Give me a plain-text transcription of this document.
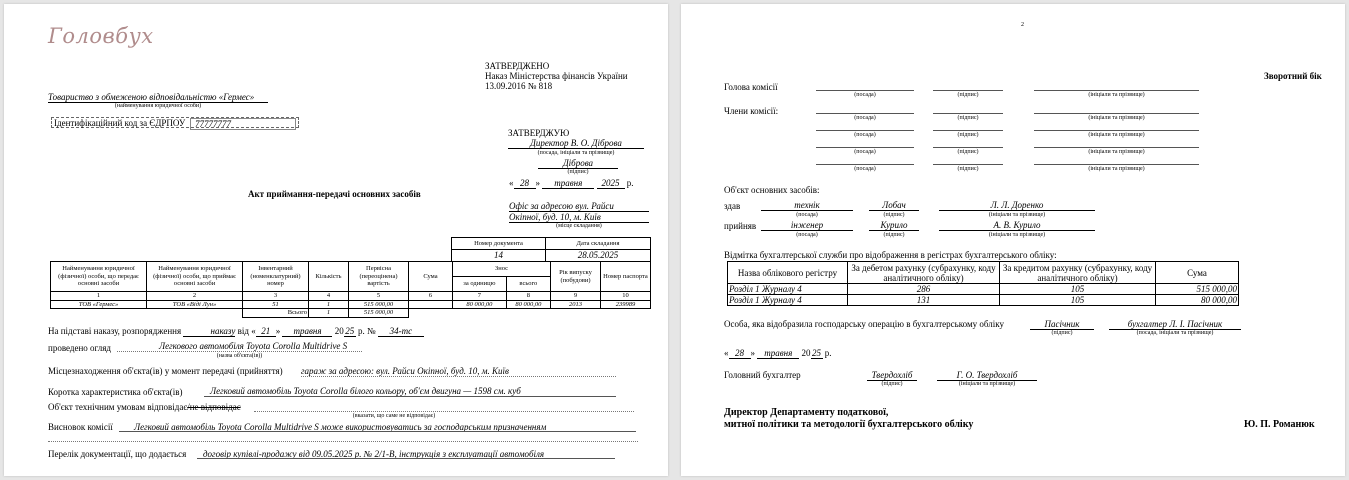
Головбух
ЗАТВЕРДЖЕНО
Наказ Міністерства фінансів України
13.09.2016 № 818
Товариство з обмеженою відповідальністю «Гермес»
(найменування юридичної особи)
Ідентифікаційний код за ЄДРПОУ	77777777
ЗАТВЕРДЖУЮ
Директор В. О. Діброва
(посада, ініціали та прізвище)
Діброва
(підпис)
« 28 » травня 2025 р.
Акт приймання-передачі основних засобів
Офіс за адресою вул. Райси
Окіпної, буд. 10, м. Київ
(місце складання)
Номер документа	Дата складання
14	28.05.2025
Найменування юридичної (фізичної) особи, що передає основні засоби	Найменування юридичної (фізичної) особи, що приймає основні засоби	Інвентарний (номенклатурний) номер	Кількість	Первісна (переоцінена) вартість	Сума	Знос		Рік випуску (побудови)	Номер паспорта
						за одиницю	всього		
1	2	3	4	5	6	7	8	9	10
ТОВ «Гермес»	ТОВ «Віді Лун»	51	1	515 000,00		80 000,00	80 000,00	2013	239989
		Всього	1	515 000,00					
На підставі наказу, розпорядження	наказу від « 21 » травня 20 25 р. № 34-тс
проведено огляд	Легкового автомобіля Toyota Corolla Multidrive S
(назва об'єкта(ів))
Місцезнаходження об'єкта(ів) у момент передачі (прийняття) гараж за адресою: вул. Райси Окіпної, буд. 10, м. Київ
Коротка характеристика об'єкта(ів)	Легковий автомобіль Toyota Corolla білого кольору, об'єм двигуна — 1598 см. куб
Об'єкт технічним умовам відповідає/не відповідає
(вказати, що саме не відповідає)
Висновок комісії Легковий автомобіль Toyota Corolla Multidrive S може використовуватись за господарським призначенням
Перелік документації, що додається договір купівлі-продажу від 09.05.2025 р. № 2/1-В, інструкція з експлуатації автомобіля
2
Зворотний бік
Голова комісії
Члени комісії:
(посада)	(підпис)	(ініціали та прізвище)
(посада)	(підпис)	(ініціали та прізвище)
(посада)	(підпис)	(ініціали та прізвище)
(посада)	(підпис)	(ініціали та прізвище)
(посада)	(підпис)	(ініціали та прізвище)
Об'єкт основних засобів:
здав	технік	Лобач	Л. Л. Доренко
(посада)	(підпис)	(ініціали та прізвище)
прийняв	інженер	Курило	А. В. Курило
(посада)	(підпис)	(ініціали та прізвище)
Відмітка бухгалтерської служби про відображення в регістрах бухгалтерського обліку:
Назва облікового регістру	За дебетом рахунку (субрахунку, коду аналітичного обліку)	За кредитом рахунку (субрахунку, коду аналітичного обліку)	Сума
Розділ 1 Журналу 4	286	105	515 000,00
Розділ 1 Журналу 4	131	105	80 000,00
Особа, яка відобразила господарську операцію в бухгалтерському обліку	Пасічник	бухгалтер Л. І. Пасічник
(підпис)	(посада, ініціали та прізвище)
« 28 » травня 20 25 р.
Головний бухгалтер	Твердохліб	Г. О. Твердохліб
(підпис)	(ініціали та прізвище)
Директор Департаменту податкової,
митної політики та методології бухгалтерського обліку	Ю. П. Романюк
